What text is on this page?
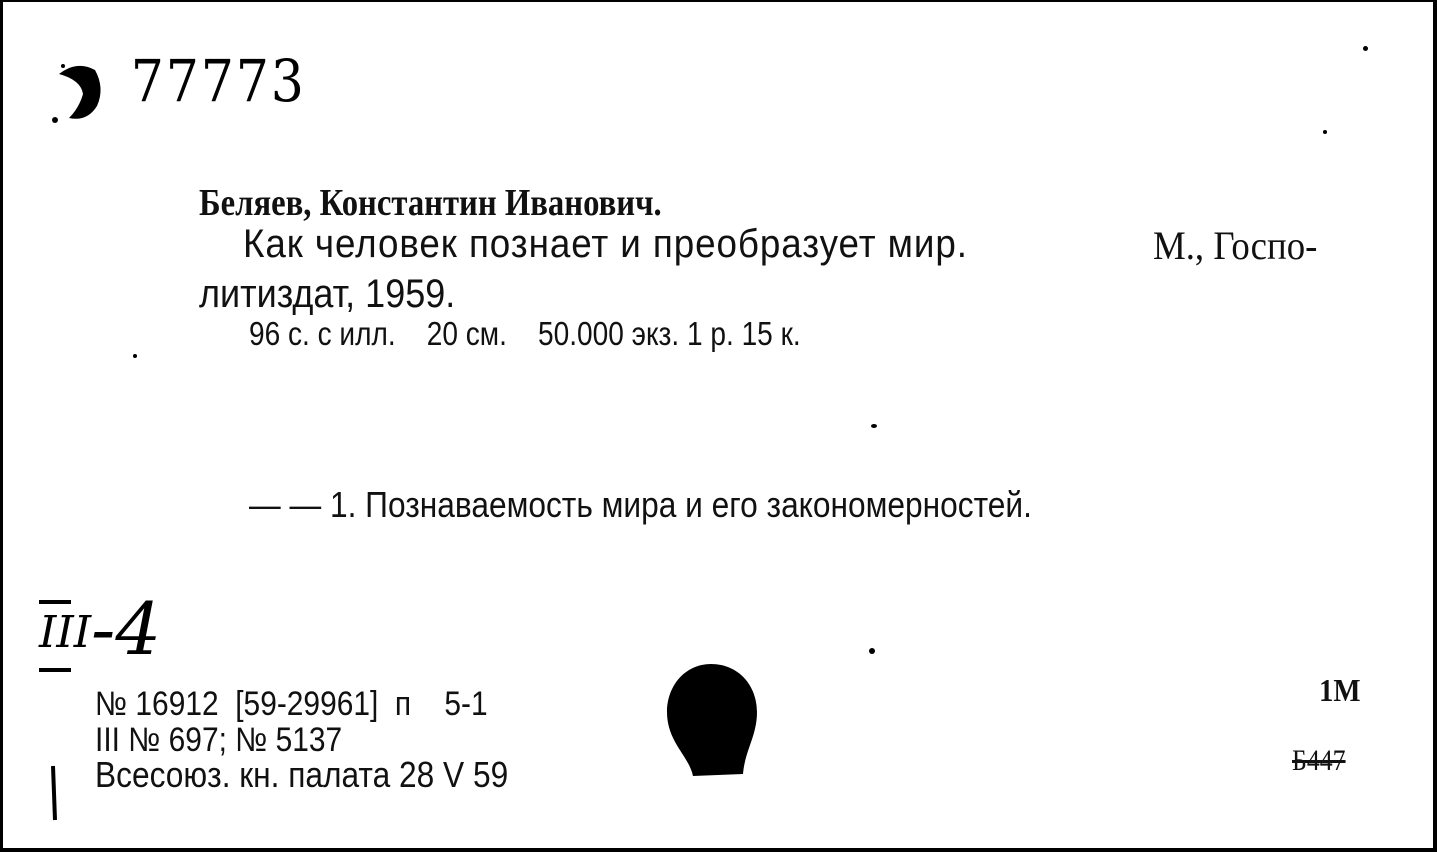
77773
Беляев, Константин Иванович.
Как человек познает и преобразует мир.	М., Госпо-
литиздат, 1959.
96 с. с илл.    20 см.    50.000 экз. 1 р. 15 к.
— — 1. Познаваемость мира и его закономерностей.
III -4
№ 16912  [59-29961]  п    5-1
III № 697; № 5137
Всесоюз. кн. палата 28 V 59
1М
Б447
